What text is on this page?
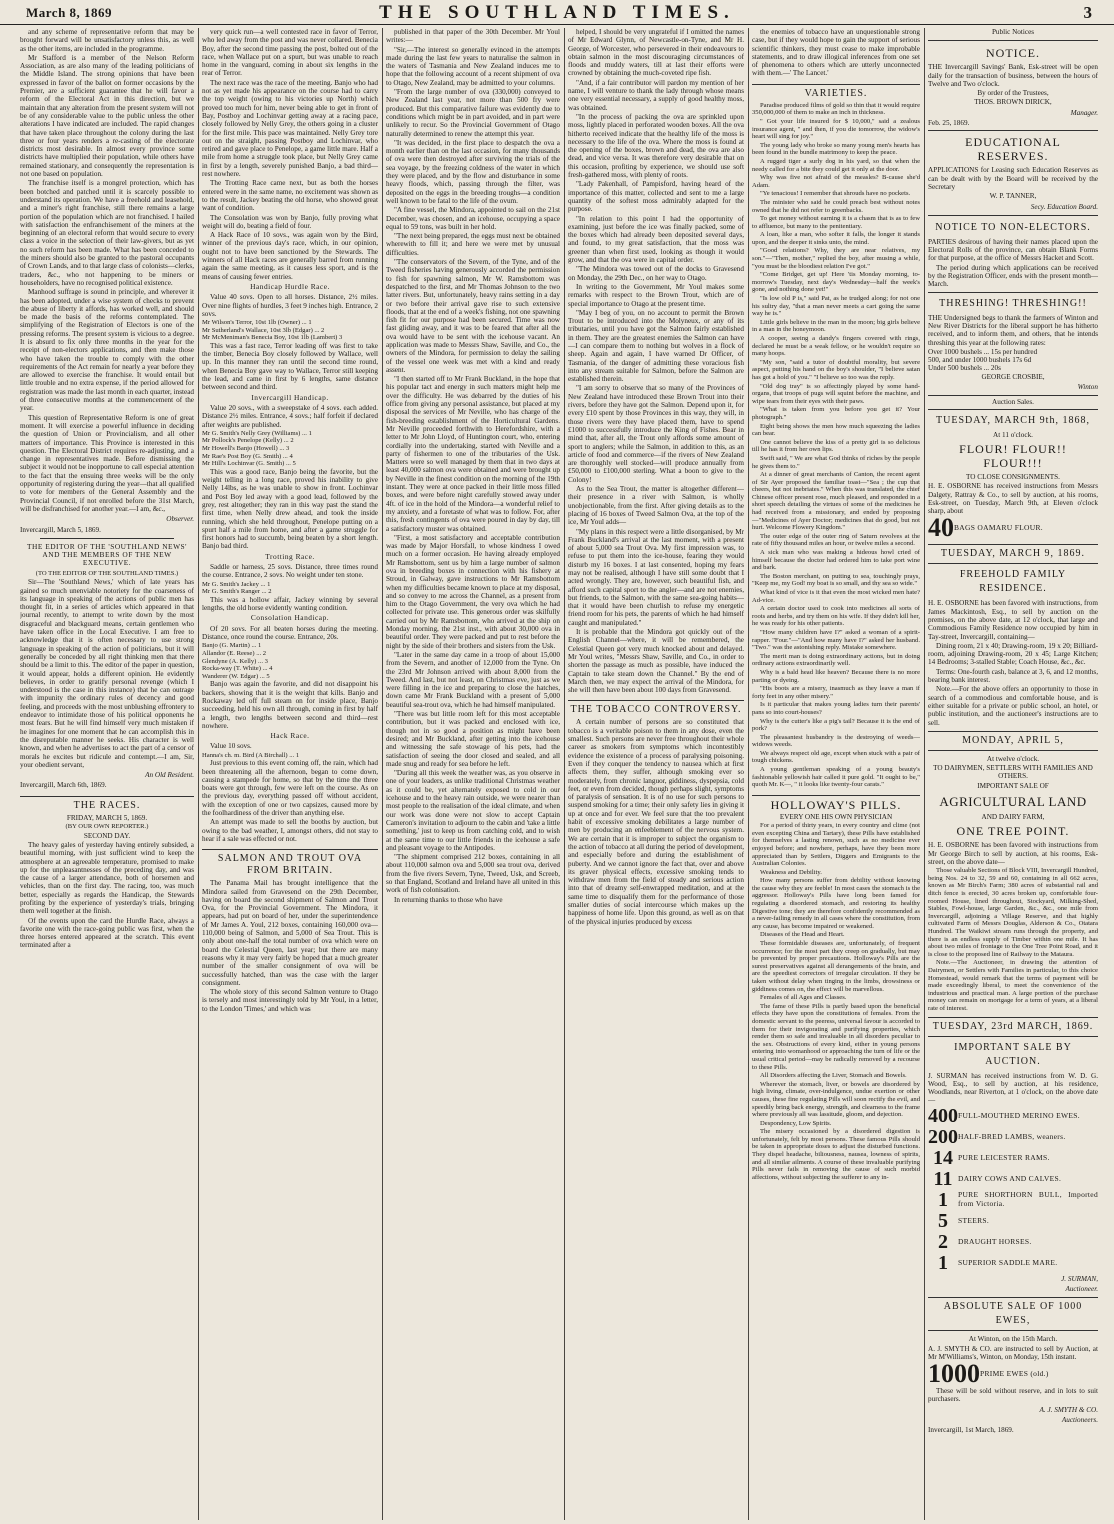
March 8, 1869	THE SOUTHLAND TIMES.	3

and any scheme of representative reform that may be brought forward will be unsatisfactory unless this, as well as the other items, are included in the programme.

Mr Stafford is a member of the Nelson Reform Association, as are also many of the leading politicians of the Middle Island. The strong opinions that have been expressed in favor of the ballot on former occasions by the Premier, are a sufficient guarantee that he will favor a reform of the Electoral Act in this direction, but we maintain that any alteration from the present system will not be of any considerable value to the public unless the other alterations I have indicated are included. The rapid changes that have taken place throughout the colony during the last three or four years renders a re-casting of the electorate districts most desirable. In almost every province some districts have multiplied their population, while others have remained stationary, and consequently the representation is not one based on population.

The franchise itself is a mongrel protection, which has been botched and patched until it is scarcely possible to understand its operation. We have a freehold and leasehold, and a miner's right franchise, still there remains a large portion of the population which are not franchised. I hailed with satisfaction the enfranchisement of the miners at the beginning of an electoral reform that would secure to every class a voice in the selection of their law-givers, but as yet no such reform has been made. What has been conceded to the miners should also be granted to the pastoral occupants of Crown Lands, and to that large class of colonists—clerks, traders, &c., who not happening to be miners or householders, have no recognised political existence.

Manhood suffrage is sound in principle, and wherever it has been adopted, under a wise system of checks to prevent the abuse of liberty it affords, has worked well, and should be made the basis of the reforms contemplated. The simplifying of the Registration of Electors is one of the pressing reforms. The present system is vicious to a degree. It is absurd to fix only three months in the year for the receipt of non-electors applications, and then make those who have taken the trouble to comply with the other requirements of the Act remain for nearly a year before they are allowed to exercise the franchise. It would entail but little trouble and no extra expense, if the period allowed for registration was made the last month in each quarter, instead of three consecutive months at the commencement of the year.

This question of Representative Reform is one of great moment. It will exercise a powerful influence in deciding the question of Union or Provincialism, and all other matters of importance. This Province is interested in this question. The Electoral District requires re-adjusting, and a change in representatives made. Before dismissing the subject it would not be inopportune to call especial attention to the fact that the ensuing three weeks will be the only opportunity of registering during the year—that all qualified to vote for members of the General Assembly and the Provincial Council, if not enrolled before the 31st March, will be disfranchised for another year.—I am, &c.,

Observer.

Invercargill, March 5, 1869.

THE EDITOR OF THE 'SOUTHLAND NEWS' AND THE MEMBERS OF THE NEW EXECUTIVE.

(TO THE EDITOR OF THE SOUTHLAND TIMES.)

Sir—The 'Southland News,' which of late years has gained so much unenviable notoriety for the coarseness of its language in speaking of the actions of public men has thought fit, in a series of articles which appeared in that journal recently, to attempt to write down by the most disgraceful and blackguard means, certain gentlemen who have taken office in the Local Executive. I am free to acknowledge that it is often necessary to use strong language in speaking of the action of politicians, but it will generally be conceded by all right thinking men that there should be a limit to this. The editor of the paper in question, it would appear, holds a different opinion. He evidently believes, in order to gratify personal revenge (which I understood is the case in this instance) that he can outrage with impunity the ordinary rules of decency and good feeling, and proceeds with the most unblushing effrontery to endeavor to intimidate those of his political opponents he most fears. But he will find himself very much mistaken if he imagines for one moment that he can accomplish this in the disreputable manner he seeks. His character is well known, and when he advertises to act the part of a censor of morals he excites but ridicule and contempt.—I am, Sir, your obedient servant,

An Old Resident.

Invercargill, March 6th, 1869.

THE RACES.

FRIDAY, MARCH 5, 1869.

(BY OUR OWN REPORTER.)

SECOND DAY.

The heavy gales of yesterday having entirely subsided, a beautiful morning, with just sufficient wind to keep the atmosphere at an agreeable temperature, promised to make up for the unpleasantnesses of the preceding day, and was the cause of a larger attendance, both of horsemen and vehicles, than on the first day. The racing, too, was much better, especially as regards the Handicap, the Stewards profiting by the experience of yesterday's trials, bringing them well together at the finish.

Of the events upon the card the Hurdle Race, always a favorite one with the race-going public was first, when the three horses entered appeared at the scratch. This event terminated after a

very quick run—a well contested race in favor of Terror, who led away from the post and was never collared. Benecia Boy, after the second time passing the post, bolted out of the race, when Wallace put on a spurt, but was unable to reach home in the vanguard, coming in about six lengths in the rear of Terror.

The next race was the race of the meeting. Banjo who had not as yet made his appearance on the course had to carry the top weight (owing to his victories up North) which proved too much for him, never being able to get in front of Bay, Postboy and Lochinvar getting away at a racing pace, closely followed by Nelly Grey, the others going in a cluster for the first mile. This pace was maintained. Nelly Grey tore out on the straight, passing Postboy and Lochinvar, who retired and gave place to Penelope, a game little mare. Half a mile from home a struggle took place, but Nelly Grey came in first by a length, severely punished Banjo, a bad third—rest nowhere.

The Trotting Race came next, but as both the horses entered were in the same name, no excitement was shown as to the result, Jackey beating the old horse, who showed great want of condition.

The Consolation was won by Banjo, fully proving what weight will do, beating a field of four.

A Hack Race of 10 sovs., was again won by the Bird, winner of the previous day's race, which, in our opinion, ought not to have been sanctioned by the Stewards. The winners of all Hack races are generally barred from running again the same meeting, as it causes less sport, and is the means of causing fewer entries.

Handicap Hurdle Race.

Value 40 sovs. Open to all horses. Distance, 2½ miles. Over nine flights of hurdles, 3 feet 9 inches high. Entrance, 2 sovs.

Mr Wilson's Terror, 10st 1lb (Owner) ... 1
Mr Sutherland's Wallace, 10st 3lb (Edgar) ... 2
Mr McMeniman's Benecia Boy, 10st 1lb (Lambert) 3

This was a fast race, Terror leading off was first to take the timber, Benecia Boy closely followed by Wallace, well up. In this manner they ran until the second time round, when Benecia Boy gave way to Wallace, Terror still keeping the lead, and came in first by 6 lengths, same distance between second and third.

Invercargill Handicap.

Value 20 sovs., with a sweepstake of 4 sovs. each added. Distance 2½ miles. Entrance, 4 sovs.; half forfeit if declared after weights are published.

Mr G. Smith's Nelly Grey (Williams) ... 1
Mr Pollock's Penelope (Kelly) ... 2
Mr Howell's Banjo (Howell) ... 3
Mr Rae's Post Boy (G. Smith) ... 4
Mr Hill's Lochinvar (G. Smith) ... 5

This was a good race, Banjo being the favorite, but the weight telling in a long race, proved his inability to give Nelly 14lbs, as he was unable to show in front. Lochinvar and Post Boy led away with a good lead, followed by the grey, rest altogether; they ran in this way past the stand the first time, when Nelly drew ahead, and took the inside running, which she held throughout, Penelope putting on a spurt half a mile from home, and after a game struggle for first honors had to succumb, being beaten by a short length. Banjo bad third.

Trotting Race.

Saddle or harness, 25 sovs. Distance, three times round the course. Entrance, 2 sovs. No weight under ten stone.

Mr G. Smith's Jackey ... 1
Mr G. Smith's Ranger ... 2

This was a hollow affair, Jackey winning by several lengths, the old horse evidently wanting condition.

Consolation Handicap.

Of 20 sovs. For all beaten horses during the meeting. Distance, once round the course. Entrance, 20s.

Banjo (G. Martin) ... 1
Allandor (E. Reese) ... 2
Glendyne (A. Kelly) ... 3
Rocka-way (T. White) ... 4
Wanderer (W. Edgar) ... 5

Banjo was again the favorite, and did not disappoint his backers, showing that it is the weight that kills. Banjo and Rockaway led off full steam on for inside place, Banjo succeeding, held his own all through, coming in first by half a length, two lengths between second and third—rest nowhere.

Hack Race.

Value 10 sovs.

Hanna's ch. m. Bird (A Birchall) ... 1

Just previous to this event coming off, the rain, which had been threatening all the afternoon, began to come down, causing a stampede for home, so that by the time the three boats were got through, few were left on the course. As on the previous day, everything passed off without accident, with the exception of one or two capsizes, caused more by the foolhardiness of the driver than anything else.

An attempt was made to sell the booths by auction, but owing to the bad weather, I, amongst others, did not stay to hear if a sale was effected or not.

SALMON AND TROUT OVA FROM BRITAIN.

The Panama Mail has brought intelligence that the Mindora sailed from Gravesend on the 29th December, having on board the second shipment of Salmon and Trout Ova, for the Provincial Government. The Mindora, it appears, had put on board of her, under the superintendence of Mr James A. Youl, 212 boxes, containing 160,000 ova—110,000 being of Salmon, and 5,000 of Sea Trout. This is only about one-half the total number of ova which were on board the Celestial Queen, last year; but there are many reasons why it may very fairly be hoped that a much greater number of the smaller consignment of ova will be successfully hatched, than was the case with the larger consignment.

The whole story of this second Salmon venture to Otago is tersely and most interestingly told by Mr Youl, in a letter, to the London 'Times,' and which was

published in that paper of the 30th December. Mr Youl writes:—

"Sir,—The interest so generally evinced in the attempts made during the last few years to naturalise the salmon in the waters of Tasmania and New Zealand induces me to hope that the following account of a recent shipment of ova to Otago, New Zealand, may be admitted to your columns.

"From the large number of ova (330,000) conveyed to New Zealand last year, not more than 500 fry were produced. But this comparative failure was evidently due to conditions which might be in part avoided, and in part were unlikely to recur. So the Provincial Government of Otago naturally determined to renew the attempt this year.

"It was decided, in the first place to despatch the ova a month earlier than on the last occasion, for many thousands of ova were then destroyed after surviving the trials of the sea voyage, by the freezing coldness of the water in which they were placed, and by the flow and disturbance in some heavy floods, which, passing through the filter, was deposited on the eggs in the breeding troughs—a condition well known to be fatal to the life of the ovum.

"A fine vessel, the Mindora, appointed to sail on the 21st December, was chosen, and an icehouse, occupying a space equal to 59 tons, was built in her hold.

"The next being prepared, the eggs must next be obtained wherewith to fill it; and here we were met by unusual difficulties.

"The conservators of the Severn, of the Tyne, and of the Tweed fisheries having generously accorded the permission to fish for spawning salmon, Mr W. Ramsbottom was despatched to the first, and Mr Thomas Johnson to the two latter rivers. But, unfortunately, heavy rains setting in a day or two before their arrival gave rise to such extensive floods, that at the end of a week's fishing, not one spawning fish fit for our purpose had been secured. Time was now fast gliding away, and it was to be feared that after all the ova would have to be sent with the icehouse vacant. An application was made to Messrs Shaw, Saville, and Co., the owners of the Mindora, for permission to delay the sailing of the vessel one week was met with a kind and ready assent.

"I then started off to Mr Frank Buckland, in the hope that his popular tact and energy in such matters might help me over the difficulty. He was debarred by the duties of his office from giving any personal assistance, but placed at my disposal the services of Mr Neville, who has charge of the fish-breeding establishment of the Horticultural Gardens. Mr Neville proceeded forthwith to Herefordshire, with a letter to Mr John Lloyd, of Huntington court, who, entering cordially into the undertaking, started with Neville and a party of fishermen to one of the tributaries of the Usk. Matters were so well managed by them that in two days at least 40,000 salmon ova were obtained and were brought up by Neville in the finest condition on the morning of the 19th instant. They were at once packed in their little moss filled boxes, and were before night carefully stowed away under 4ft. of ice in the hold of the Mindora—a wonderful relief to my anxiety, and a foretaste of what was to follow. For, after this, fresh contingents of ova were poured in day by day, till a satisfactory muster was obtained.

"First, a most satisfactory and acceptable contribution was made by Major Horsfall, to whose kindness I owed much on a former occasion. He having already employed Mr Ramsbottom, sent us by him a large number of salmon ova in breeding boxes in connection with his fishery at Stroud, in Galway, gave instructions to Mr Ramsbottom when my difficulties became known to place at my disposal, and so convey to me across the Channel, as a present from him to the Otago Government, the very ova which he had collected for private use. This generous order was skilfully carried out by Mr Ramsbottom, who arrived at the ship on Monday morning, the 21st inst., with about 30,000 ova in beautiful order. They were packed and put to rest before the night by the side of their brothers and sisters from the Usk.

"Later in the same day came in a troop of about 15,000 from the Severn, and another of 12,000 from the Tyne. On the 23rd Mr Johnson arrived with about 8,000 from the Tweed. And last, but not least, on Christmas eve, just as we were filling in the ice and preparing to close the hatches, down came Mr Frank Buckland with a present of 5,000 beautiful sea-trout ova, which he had himself manipulated.

"There was but little room left for this most acceptable contribution, but it was packed and enclosed with ice, though not in so good a position as might have been desired; and Mr Buckland, after getting into the icehouse and witnessing the safe stowage of his pets, had the satisfaction of seeing the door closed and sealed, and all made snug and ready for sea before he left.

"During all this week the weather was, as you observe in one of your leaders, as unlike traditional Christmas weather as it could be, yet alternately exposed to cold in our icehouse and to the heavy rain outside, we were nearer than most people to the realisation of the ideal climate, and when our work was done were not slow to accept Captain Cameron's invitation to adjourn to the cabin and 'take a little something,' just to keep us from catching cold, and to wish at the same time to our little friends in the icehouse a safe and pleasant voyage to the Antipodes.

"The shipment comprised 212 boxes, containing in all about 110,000 salmon ova and 5,000 sea trout ova, derived from the five rivers Severn, Tyne, Tweed, Usk, and Screeb, so that England, Scotland and Ireland have all united in this work of fish colonisation.

In returning thanks to those who have

helped, I should be very ungrateful if I omitted the names of Mr Edward Glynn, of Newcastle-on-Tyne, and Mr H. George, of Worcester, who persevered in their endeavours to obtain salmon in the most discouraging circumstances of floods and muddy waters, till at last their efforts were crowned by obtaining the much-coveted ripe fish.

"And, if a fair contributor will pardon my mention of her name, I will venture to thank the lady through whose means one very essential necessary, a supply of good healthy moss, was obtained.

"In the process of packing the ova are sprinkled upon moss, lightly placed in perforated wooden boxes. All the ova hitherto received indicate that the healthy life of the moss is necessary to the life of the ova. Where the moss is found at the opening of the boxes, brown and dead, the ova are also dead, and vice versa. It was therefore very desirable that on this occasion, profiting by experience, we should use soft fresh-gathered moss, with plenty of roots.

"Lady Pakenhall, of Pampisford, having heard of the importance of this matter, collected and sent to me a large quantity of the softest moss admirably adapted for the purpose.

"In relation to this point I had the opportunity of examining, just before the ice was finally packed, some of the boxes which had already been deposited several days, and found, to my great satisfaction, that the moss was greener than when first used, looking as though it would grow, and that the ova were in capital order.

"The Mindora was towed out of the docks to Gravesend on Monday, the 29th Dec., on her way to Otago.

In writing to the Government, Mr Youl makes some remarks with respect to the Brown Trout, which are of special importance to Otago at the present time.

"May I beg of you, on no account to permit the Brown Trout to be introduced into the Molyneux, or any of its tributaries, until you have got the Salmon fairly established in them. They are the greatest enemies the Salmon can have—I can compare them to nothing but wolves in a flock of sheep. Again and again, I have warned Dr Officer, of Tasmania, of the danger of admitting these voracious fish into any stream suitable for Salmon, before the Salmon are established therein.

"I am sorry to observe that so many of the Provinces of New Zealand have introduced these Brown Trout into their rivers, before they have got the Salmon. Depend upon it, for every £10 spent by those Provinces in this way, they will, in those rivers were they have placed them, have to spend £1000 to successfully introduce the King of Fishes. Bear in mind that, after all, the Trout only affords some amount of sport to anglers; while the Salmon, in addition to this, as an article of food and commerce—if the rivers of New Zealand are thoroughly well stocked—will produce annually from £50,000 to £100,000 sterling. What a boon to give to the Colony!

As to the Sea Trout, the matter is altogether different—their presence in a river with Salmon, is wholly unobjectionable, from the first. After giving details as to the placing of 16 boxes of Tweed Salmon Ova, at the top of the ice, Mr Youl adds—

"My plans in this respect were a little disorganised, by Mr Frank Buckland's arrival at the last moment, with a present of about 5,000 sea Trout Ova. My first impression was, to refuse to put them into the ice-house, fearing they would disturb my 16 boxes. I at last consented, hoping my fears may not be realised, although I have still some doubt that I acted wrongly. They are, however, such beautiful fish, and afford such capital sport to the angler—and are not enemies, but friends, to the Salmon, with the same sea-going habits—that it would have been churlish to refuse my energetic friend room for his pets, the parents of which he had himself caught and manipulated."

It is probable that the Mindora got quickly out of the English Channel—where, it will be remembered, the Celestial Queen got very much knocked about and delayed. Mr Youl writes, "Messrs Shaw, Saville, and Co., in order to shorten the passage as much as possible, have induced the Captain to take steam down the Channel." By the end of March then, we may expect the arrival of the Mindora, for she will then have been about 100 days from Gravesend.

THE TOBACCO CONTROVERSY.

A certain number of persons are so constituted that tobacco is a veritable poison to them in any dose, even the smallest. Such persons are never free throughout their whole career as smokers from symptoms which incontestibly evidence the existence of a process of paralysing poisoning. Even if they conquer the tendency to nausea which at first affects them, they suffer, although smoking ever so moderately, from chronic languor, giddiness, dyspepsia, cold feet, or even from decided, though perhaps slight, symptoms of paralysis of sensation. It is of no use for such persons to suspend smoking for a time; their only safety lies in giving it up at once and for ever. We feel sure that the too prevalent habit of excessive smoking debilitates a large number of men by producing an enfeeblement of the nervous system. We are certain that it is improper to subject the organism to the action of tobacco at all during the period of development, and especially before and during the establishment of puberty. And we cannot ignore the fact that, over and above its graver physical effects, excessive smoking tends to withdraw men from the field of steady and serious action into that of dreamy self-enwrapped meditation, and at the same time to disqualify them for the performance of those smaller duties of social intercourse which makes up the happiness of home life. Upon this ground, as well as on that of the physical injuries produced by excess

the enemies of tobacco have an unquestionable strong case, but if they would hope to gain the support of serious scientific thinkers, they must cease to make improbable statements, and to draw illogical inferences from one set of phenomena to others which are utterly unconnected with them.—' The Lancet.'

VARIETIES.

Paradise produced films of gold so thin that it would require 350,000,000 of them to make an inch in thickness.

" Got your life insured for $ 10,000," said a zealous insurance agent, " and then, if you die tomorrow, the widow's heart will sing for joy."

The young lady who broke so many young men's hearts has been found in the bundle matrimony to keep the peace.

A rugged tiger a surly dog in his yard, so that when the needy called for a bite they could get it only at the door.

Why was five not afraid of the measles? B-cause she'd Adam.

"Ye tenacious! I remember that shrouds have no pockets.

The minister who said he could preach best without notes owned that he did not refer to greenbacks.

To get money without earning it is a chasm that is as to few to affluence, but many to the penitentiary.

A loan, like a man, who softer it falls, the longer it stands upon, and the deeper it sinks unto, the mind.

"Good relations? Why, they are near relatives, my son."—"Then, mother," replied the boy, after musing a while, "you must be the bloodiest relation I've got."

"Come Bridget, get up! Here 'tis Monday morning, to-morrow's Tuesday, next day's Wednesday—half the week's gone, and nothing done yet!"

"Is low old P is," said Pat, as he trudged along; for not one his sultry day, "that a man never meets a cart going the same way he is."

Little girls believe in the man in the moon; big girls believe in a man in the honeymoon.

A cooper, seeing a dandy's fingers covered with rings, declared he must be a weak fellow, or he wouldn't require so many hoops.

"My son, "said a tutor of doubtful morality, but severe aspect, putting his hand on the boy's shoulder, "I believe satan has got a hold of you." "I believe so too was the reply.

"Old dog tray" is so affectingly played by some hand-organs, that troops of pugs will squint before the machine, and wipe tears from their eyes with their paws.

"What is taken from you before you get it? Your photograph."

Eight being shows the men how much squeezing the ladies can bear.

One cannot believe the kiss of a pretty girl is so delicious till he has it from her own lips.

Swift said, " We are what God thinks of riches by the people he gives them to."

At a dinner of great merchants of Canton, the recent agent of Sir Ayer proposed the familiar toast—"Sea ; the cup that cheers, but not inebriates." When this was translated, the chief Chinese officer present rose, much pleased, and responded in a short speech detailing the virtues of some of the medicines he had received from a missionary, and ended by proposing—"Medicines of Ayer Doctor; medicines that do good, but not hurt. Welcome Flowery Kingdom."

The outer edge of the outer ring of Saturn revolves at the rate of fifty thousand miles an hour, or twelve miles a second.

A sick man who was making a hideous howl cried of himself because the doctor had ordered him to take port wine and bark.

The Boston merchant, on putting to sea, touchingly prays, "Keep me, my God! my boat is so small, and thy sea so wide."

What kind of vice is it that even the most wicked men hate? Ad-vice.

A certain doctor used to cook into medicines all sorts of roots and herbs, and try them on his wife. If they didn't kill her, he was ready for his other patients.

"How many children have I?" asked a woman of a spirit-rapper. "Four."—"And how many have I?" asked her husband. "Two." was the astonishing reply. Mistake somewhere.

The merit man is doing extraordinary actions, but in doing ordinary actions extraordinarily well.

Why is a bald head like heaven? Because there is no more parting or dyeing.

"His boots are a misery, inasmuch as they leave a man if forty feet in any other misery."

Is it particular that makes young ladies turn their parents' pans so into court-houses?

Why is the cutter's like a pig's tail? Because it is the end of pork?

The pleasantest husbandry is the destroying of weeds—widows weeds.

We always respect old age, except when stuck with a pair of tough chickens.

A young gentleman speaking of a young beauty's fashionable yellowish hair called it pure gold. "It ought to be," quoth Mr. K—, " it looks like twenty-four carats."

HOLLOWAY'S PILLS.

EVERY ONE HIS OWN PHYSICIAN

For a period of thirty years, in every country and clime (not even excepting China and Tartary), these Pills have established for themselves a lasting renown, such as no medicine ever enjoyed before; and nowhere, perhaps, have they been more appreciated than by Settlers, Diggers and Emigrants to the Australian Colonies.

Weakness and Debility.

How many persons suffer from debility without knowing the cause why they are feeble! In most cases the stomach is the aggressor. Holloway's Pills have long been famed for regulating a disordered stomach, and restoring its healthy Digestive tone; they are therefore confidently recommended as a never-failing remedy in all cases where the constitution, from any cause, has become impaired or weakened.

Diseases of the Head and Heart.

These formidable diseases are, unfortunately, of frequent occurrence; for the most part they creep on gradually, but may be prevented by proper precautions. Holloway's Pills are the surest preservatives against all derangements of the brain, and are the speediest correctors of irregular circulation. If they be taken without delay when tinging in the limbs, drowsiness or giddiness comes on, the effect will be marvellous.

Females of all Ages and Classes.

The fame of these Pills is partly based upon the beneficial effects they have upon the constitutions of females. From the domestic servant to the peeress, universal favour is accorded to them for their invigorating and purifying properties, which render them so safe and invaluable in all disorders peculiar to the sex. Obstructions of every kind, either in young persons entering into womanhood or approaching the turn of life or the usual critical period—may be radically removed by a recourse to these Pills.

All Disorders affecting the Liver, Stomach and Bowels.

Wherever the stomach, liver, or bowels are disordered by high living, climate, over-indulgence, undue exertion or other causes, these fine regulating Pills will soon rectify the evil, and speedily bring back energy, strength, and clearness to the frame where previously all was lassitude, gloom, and dejection.

Despondency, Low Spirits.

The misery occasioned by a disordered digestion is unfortunately, felt by most persons. These famous Pills should be taken in appropriate doses to adjust the disturbed functions. They dispel headache, biliousness, nausea, lowness of spirits, and all similar ailments. A course of these invaluable purifying Pills never fails in removing the cause of such morbid affections, without subjecting the sufferer to any in-

Public Notices

NOTICE.

THE Invercargill Savings' Bank, Esk-street will be open daily for the transaction of business, between the hours of Twelve and Two o'clock.

By order of the Trustees,

THOS. BROWN DIRICK,

Manager.

Feb. 25, 1869.

EDUCATIONAL RESERVES.

APPLICATIONS for Leasing such Education Reserves as can be dealt with by the Board will be received by the Secretary

W. P. TANNER,

Secy. Education Board.

NOTICE TO NON-ELECTORS.

PARTIES desirous of having their names placed upon the Electoral Rolls of the province, can obtain Blank Forms for that purpose, at the office of Messrs Hacket and Scott.

The period during which applications can be received by the Registration Officer, ends with the present month—March.

THRESHING! THRESHING!!

THE Undersigned begs to thank the farmers of Winton and New River Districts for the liberal support he has hitherto received, and to inform them, and others, that he intends threshing this year at the following rates:

Over 1000 bushels ... 15s per hundred
500, and under 1000 bushels 17s 6d
Under 500 bushels ... 20s

GEORGE CROSBIE,

Winton

Auction Sales.
TUESDAY, MARCH 9th, 1868,

At 11 o'clock.

FLOUR! FLOUR!! FLOUR!!!

TO CLOSE CONSIGNMENTS.

H. E. OSBORNE has received instructions from Messrs Dalgety, Rattray & Co., to sell by auction, at his rooms, Esk-street, on Tuesday, March 9th, at Eleven o'clock sharp, about

40 BAGS OAMARU FLOUR.
TUESDAY, MARCH 9, 1869.
FREEHOLD FAMILY RESIDENCE.

H. E. OSBORNE has been favored with instructions, from James Mackintosh, Esq., to sell by auction on the premises, on the above date, at 12 o'clock, that large and Commodious Family Residence now occupied by him in Tay-street, Invercargill, containing—

Dining room, 21 x 40; Drawing-room, 19 x 20; Billiard-room, adjoining Drawing-room, 20 x 45; Large Kitchen; 14 Bedrooms; 3-stalled Stable; Coach House, &c., &c.

Terms: One-fourth cash, balance at 3, 6, and 12 months, bearing bank interest.

Note.—For the above offers an opportunity to those in search of a commodious and comfortable house, and is either suitable for a private or public school, an hotel, or public institution, and the auctioneer's instructions are to sell.

MONDAY, APRIL 5,

At twelve o'clock.

TO DAIRYMEN, SETTLERS WITH FAMILIES AND OTHERS.

IMPORTANT SALE OF

AGRICULTURAL LAND

AND DAIRY FARM,

ONE TREE POINT.

H. E. OSBORNE has been favored with instructions from Mr George Birch to sell by auction, at his rooms, Esk-street, on the above date—

Those valuable Sections of Block VIII, Invercargill Hundred, being Nos. 24 to 32, 59 and 60, containing in all 662 acres, known as Mr Birch's Farm; 380 acres of substantial rail and ditch fence is erected, 30 acres broken up, comfortable four-roomed House, lined throughout, Stockyard, Milking-Shed, Stables, Fowl-house, large Garden, &c., &c., one mile from Invercargill, adjoining a Village Reserve, and that highly cultivated Farm of Messrs Douglas, Alderson & Co., Otatara Hundred. The Waikiwi stream runs through the property, and there is an endless supply of Timber within one mile. It has about two miles of frontage to the One Tree Point Road, and it is close to the proposed line of Railway to the Mataura.

Note.—The Auctioneer, in drawing the attention of Dairymen, or Settlers with Families in particular, to this choice Homestead, would remark that the terms of payment will be made exceedingly liberal, to meet the convenience of the industrious and practical man. A large portion of the purchase money can remain on mortgage for a term of years, at a liberal rate of interest.

TUESDAY, 23rd MARCH, 1869.
IMPORTANT SALE BY AUCTION.

J. SURMAN has received instructions from W. D. G. Wood, Esq., to sell by auction, at his residence, Woodlands, near Riverton, at 1 o'clock, on the above date—

400 FULL-MOUTHED MERINO EWES.
200 HALF-BRED LAMBS, weaners.
14 PURE LEICESTER RAMS.
11 DAIRY COWS AND CALVES.
1	PURE SHORTHORN BULL, Imported from Victoria.
5	STEERS.
2	DRAUGHT HORSES.
1	SUPERIOR SADDLE MARE.

J. SURMAN,

Auctioneer.

ABSOLUTE SALE OF 1000 EWES,

At Winton, on the 15th March.

A. J. SMYTH & CO. are instructed to sell by Auction, at Mr M'Williams's, Winton, on Monday, 15th instant.

1000 PRIME EWES (old.)

These will be sold without reserve, and in lots to suit purchasers.

A. J. SMYTH & CO.

Auctioneers.

Invercargill, 1st March, 1869.
